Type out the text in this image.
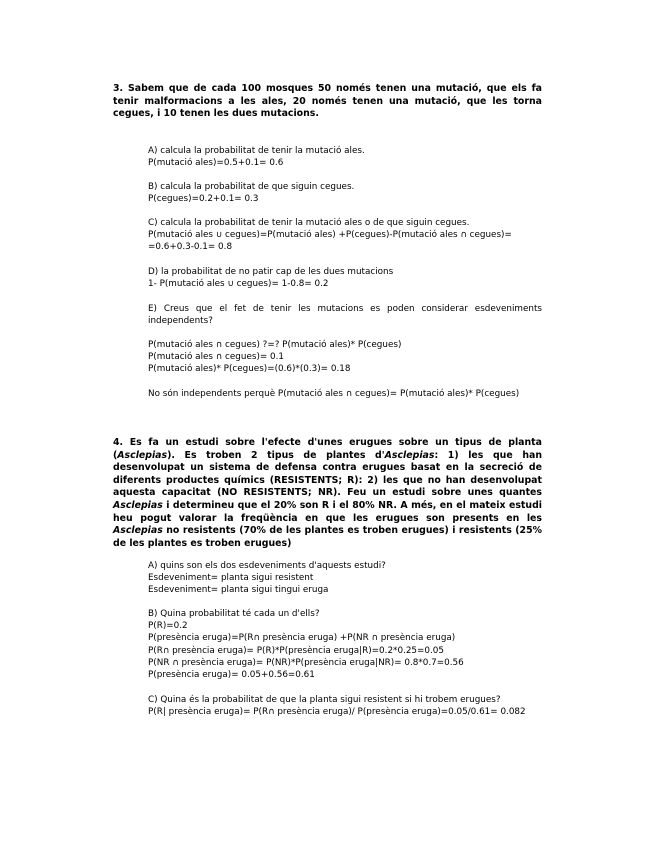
3. Sabem que de cada 100 mosques 50 només tenen una mutació, que els fa tenir malformacions a les ales, 20 només tenen una mutació, que les torna cegues, i 10 tenen les dues mutacions.
A) calcula la probabilitat de tenir la mutació ales.
P(mutació ales)=0.5+0.1= 0.6
B) calcula la probabilitat de que siguin cegues.
P(cegues)=0.2+0.1= 0.3
C) calcula la probabilitat de tenir la mutació ales o de que siguin cegues.
P(mutació ales ∪ cegues)=P(mutació ales) +P(cegues)-P(mutació ales ∩ cegues)=
=0.6+0.3-0.1= 0.8
D) la probabilitat de no patir cap de les dues mutacions
1- P(mutació ales ∪ cegues)= 1-0.8= 0.2
E) Creus que el fet de tenir les mutacions es poden considerar esdeveniments independents?
P(mutació ales ∩ cegues) ?=? P(mutació ales)* P(cegues)
P(mutació ales ∩ cegues)= 0.1
P(mutació ales)* P(cegues)=(0.6)*(0.3)= 0.18
No són independents perquè P(mutació ales ∩ cegues)= P(mutació ales)* P(cegues)
4. Es fa un estudi sobre l'efecte d'unes erugues sobre un tipus de planta (Asclepias). Es troben 2 tipus de plantes d'Asclepias: 1) les que han desenvolupat un sistema de defensa contra erugues basat en la secreció de diferents productes químics (RESISTENTS; R): 2) les que no han desenvolupat aquesta capacitat (NO RESISTENTS; NR). Feu un estudi sobre unes quantes Asclepias i determineu que el 20% son R i el 80% NR. A més, en el mateix estudi heu pogut valorar la freqüència en que les erugues son presents en les Asclepias no resistents (70% de les plantes es troben erugues) i resistents (25% de les plantes es troben erugues)
A) quins son els dos esdeveniments d'aquests estudi?
Esdeveniment= planta sigui resistent
Esdeveniment= planta sigui tingui eruga
B) Quina probabilitat té cada un d'ells?
P(R)=0.2
P(presència eruga)=P(R∩ presència eruga) +P(NR ∩ presència eruga)
P(R∩ presència eruga)= P(R)*P(presència eruga|R)=0.2*0.25=0.05
P(NR ∩ presència eruga)= P(NR)*P(presència eruga|NR)= 0.8*0.7=0.56
P(presència eruga)= 0.05+0.56=0.61
C) Quina és la probabilitat de que la planta sigui resistent si hi trobem erugues?
P(R| presència eruga)= P(R∩ presència eruga)/ P(presència eruga)=0.05/0.61= 0.082
